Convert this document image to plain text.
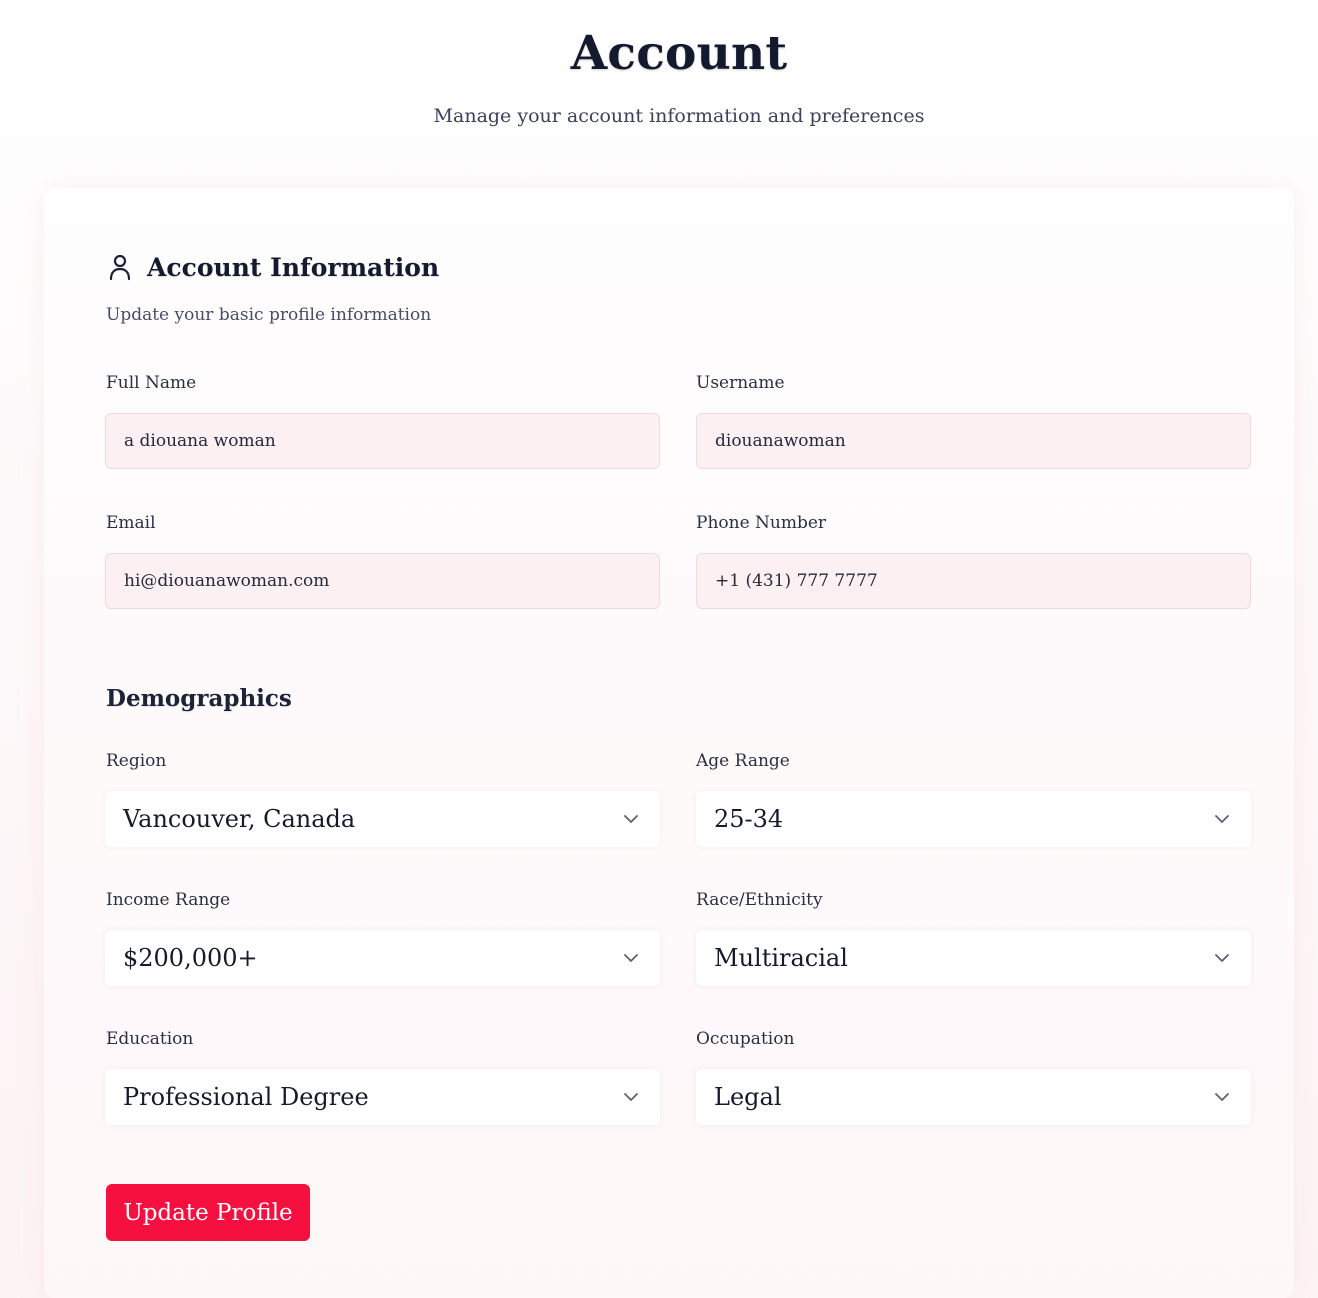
Account

Manage your account information and preferences

Account Information

Update your basic profile information

Full Name
a diouana woman	Username
diouanawoman
Email
hi@diouanawoman.com	Phone Number
+1 (431) 777 7777
Demographics
Region
Vancouver, Canada
Age Range
25-34
Income Range
$200,000+
Race/Ethnicity
Multiracial
Education
Professional Degree
Occupation
Legal
Update Profile
